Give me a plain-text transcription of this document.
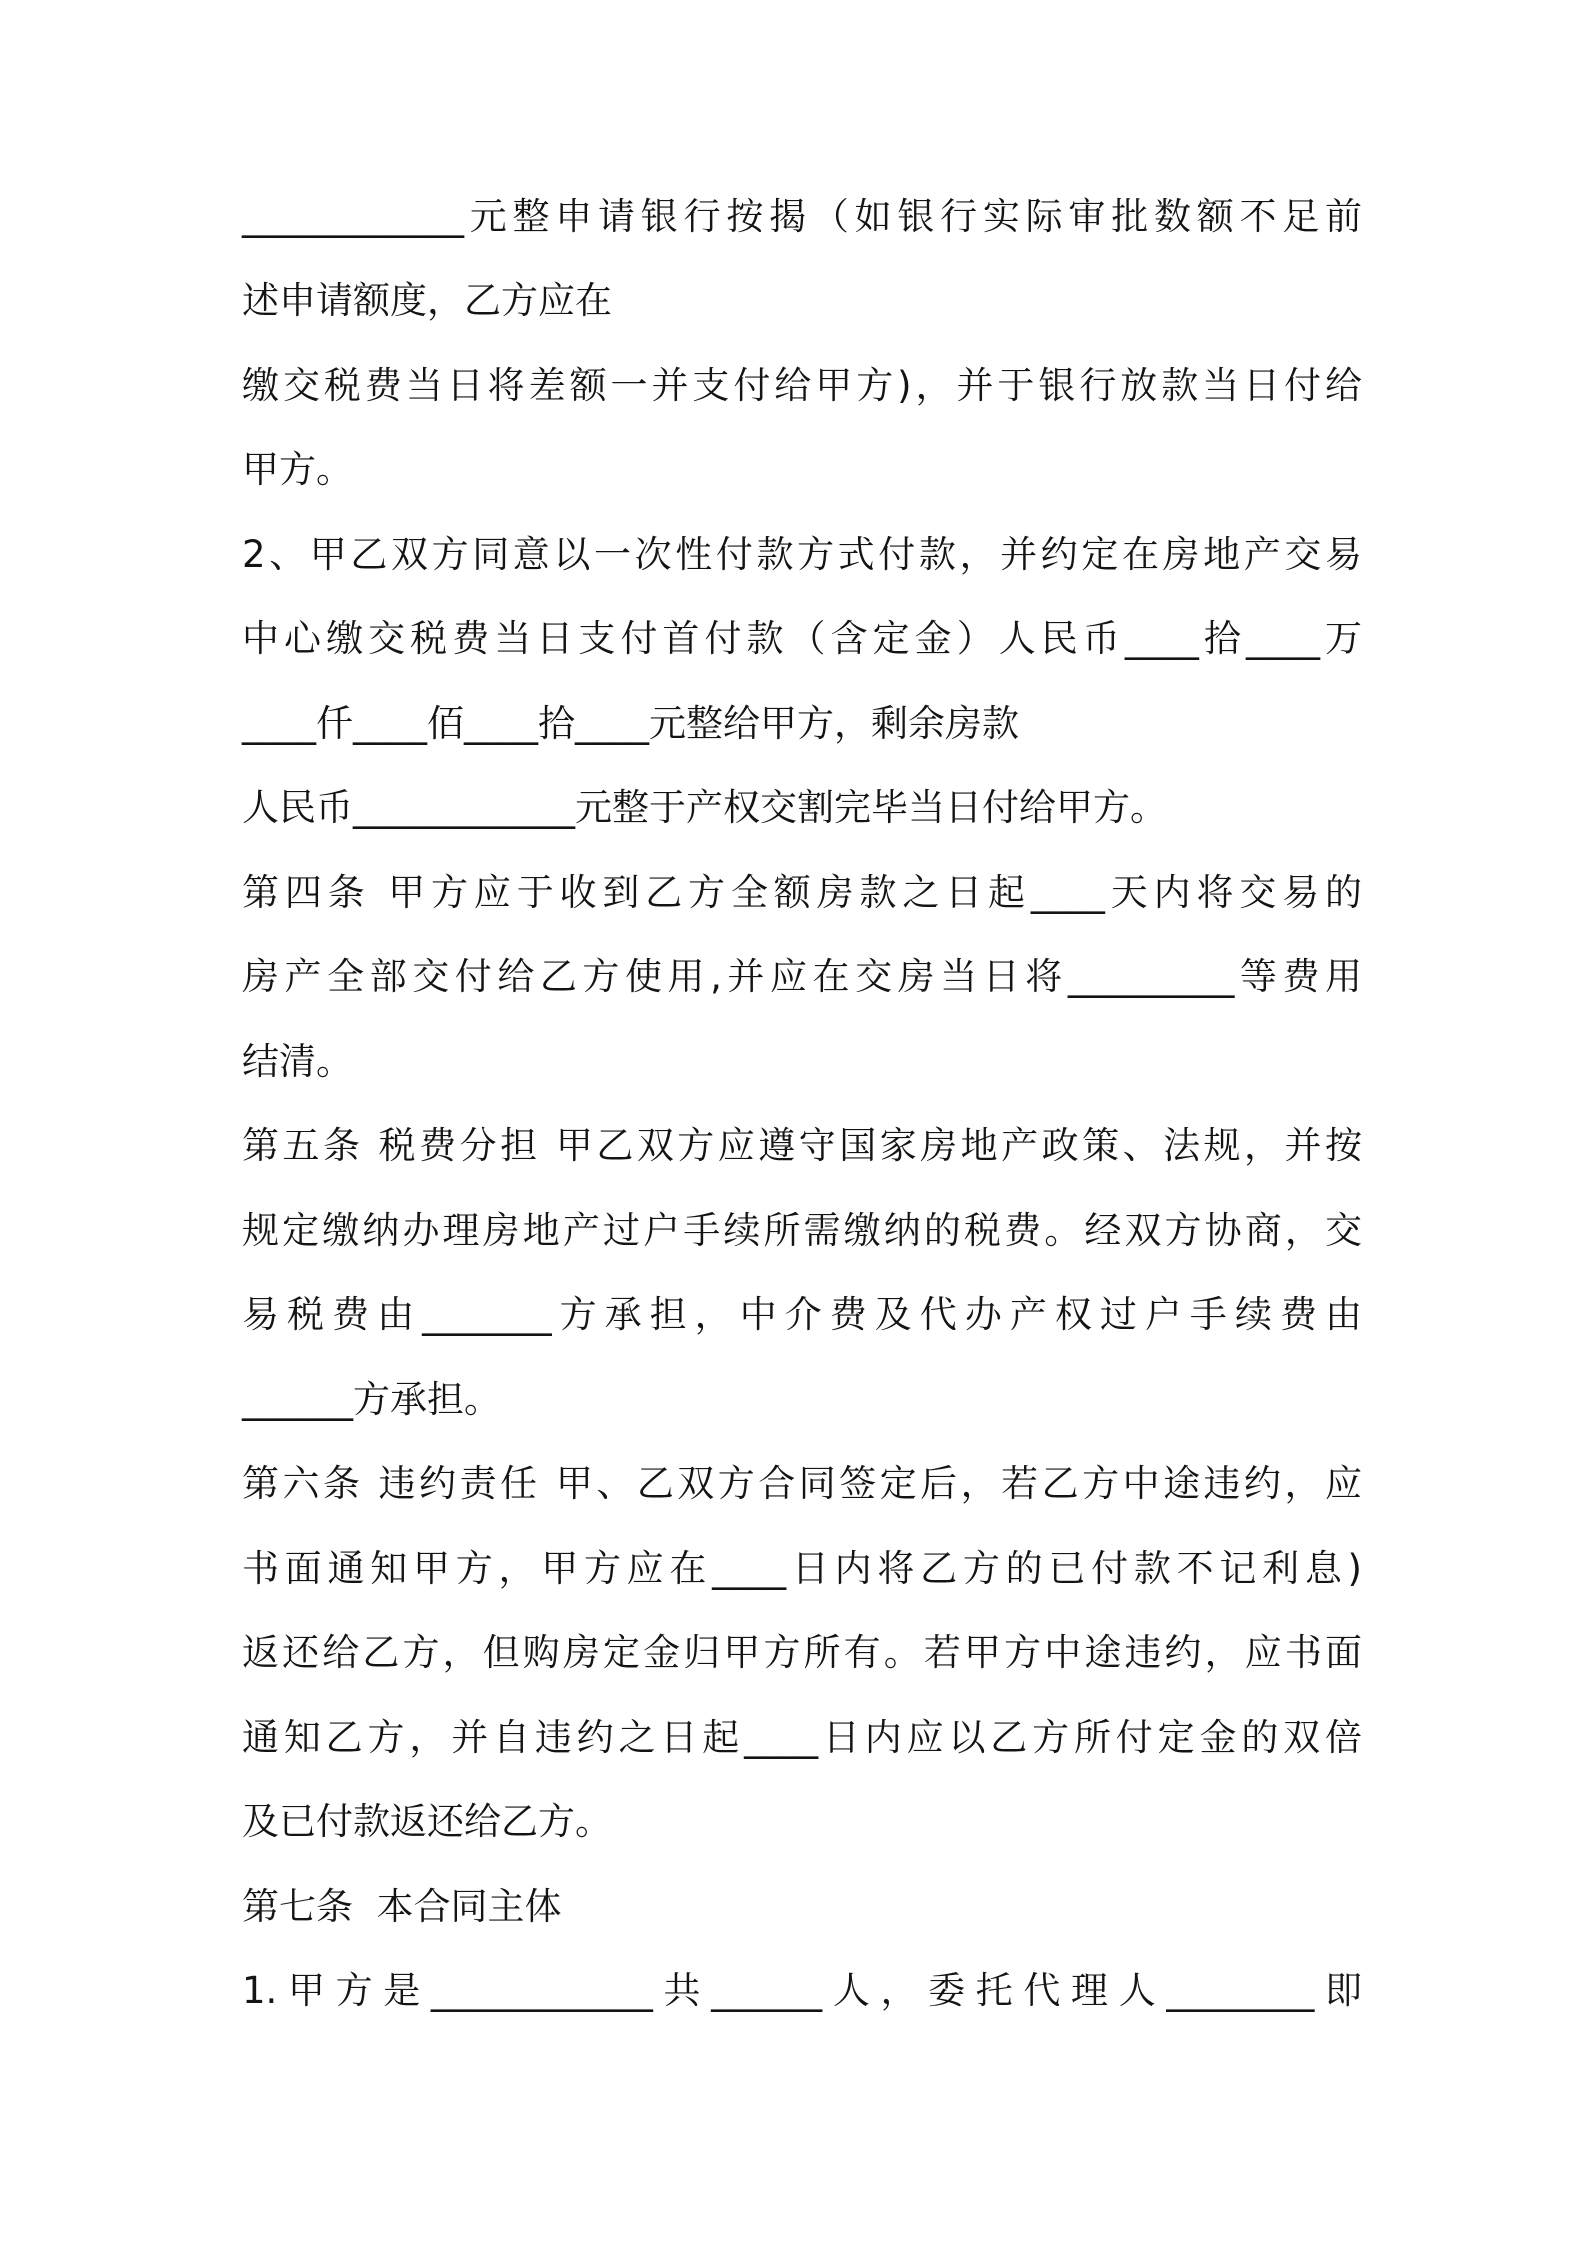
____________元整申请银行按揭（如银行实际审批数额不足前
述申请额度，乙方应在
缴交税费当日将差额一并支付给甲方)，并于银行放款当日付给
甲方。
2、甲乙双方同意以一次性付款方式付款，并约定在房地产交易
中心缴交税费当日支付首付款（含定金）人民币____拾____万
____仟____佰____拾____元整给甲方，剩余房款
人民币____________元整于产权交割完毕当日付给甲方。
第四条 甲方应于收到乙方全额房款之日起____天内将交易的
房产全部交付给乙方使用,并应在交房当日将_________等费用
结清。
第五条 税费分担 甲乙双方应遵守国家房地产政策、法规，并按
规定缴纳办理房地产过户手续所需缴纳的税费。经双方协商，交
易税费由_______方承担，中介费及代办产权过户手续费由
______方承担。
第六条 违约责任 甲、乙双方合同签定后，若乙方中途违约，应
书面通知甲方，甲方应在____日内将乙方的已付款不记利息)
返还给乙方，但购房定金归甲方所有。若甲方中途违约，应书面
通知乙方，并自违约之日起____日内应以乙方所付定金的双倍
及已付款返还给乙方。
第七条  本合同主体
1.甲方是____________共______人，委托代理人________即
